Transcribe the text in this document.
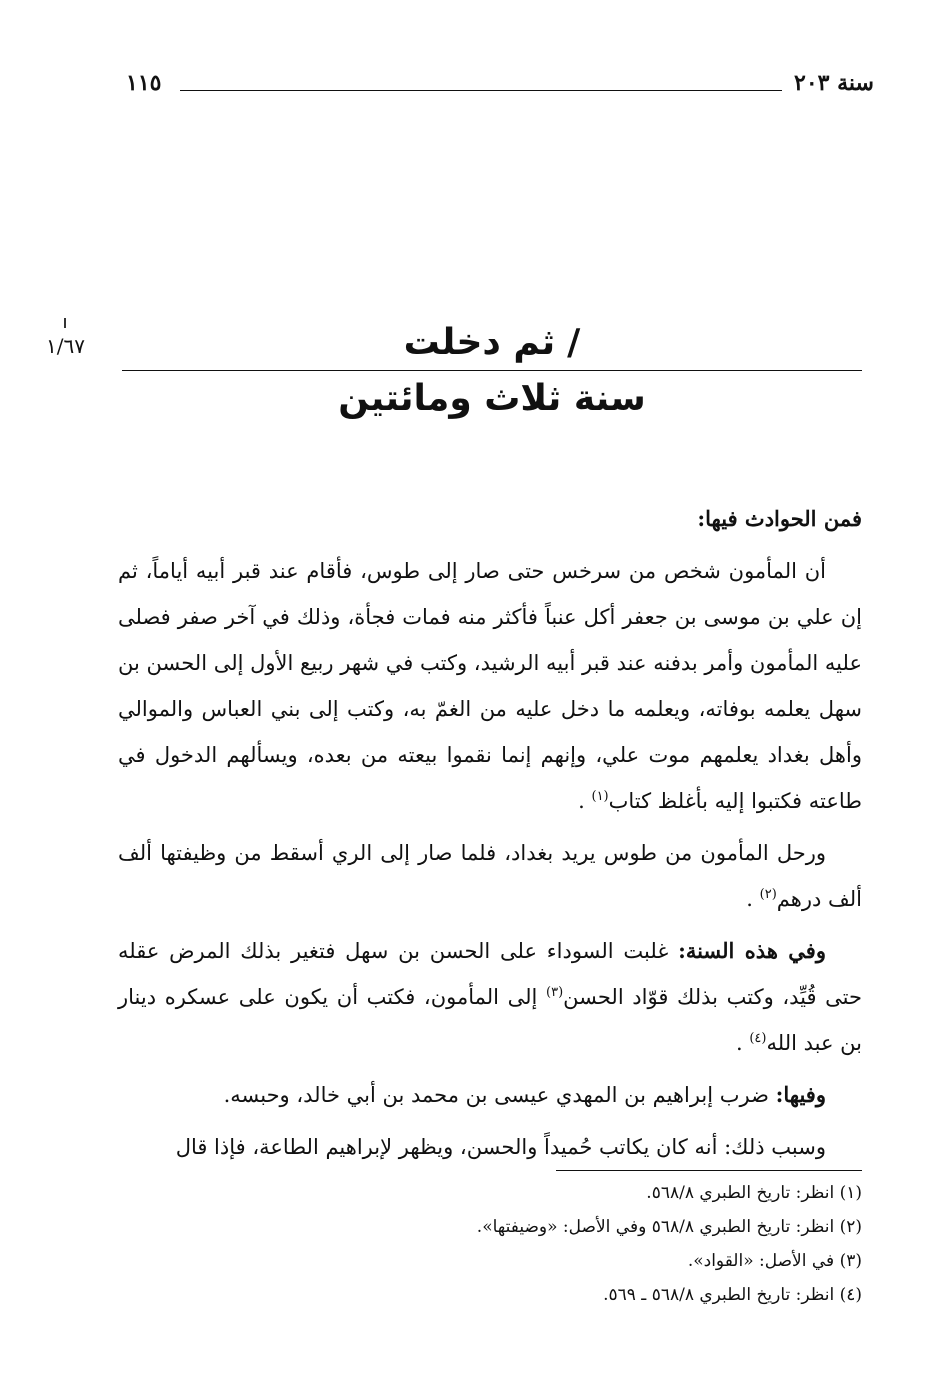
سنة ٢٠٣
١١٥
١/٦٧	/ثم دخلت
سنة ثلاث ومائتين

فمن الحوادث فيها:

أن المأمون شخص من سرخس حتى صار إلى طوس، فأقام عند قبر أبيه أياماً، ثم إن علي بن موسى بن جعفر أكل عنباً فأكثر منه فمات فجأة، وذلك في آخر صفر فصلى عليه المأمون وأمر بدفنه عند قبر أبيه الرشيد، وكتب في شهر ربيع الأول إلى الحسن بن سهل يعلمه بوفاته، ويعلمه ما دخل عليه من الغمّ به، وكتب إلى بني العباس والموالي وأهل بغداد يعلمهم موت علي، وإنهم إنما نقموا بيعته من بعده، ويسألهم الدخول في طاعته فكتبوا إليه بأغلظ كتاب$^{(١)}$ .

ورحل المأمون من طوس يريد بغداد، فلما صار إلى الري أسقط من وظيفتها ألف ألف درهم$^{(٢)}$ .

وفي هذه السنة: غلبت السوداء على الحسن بن سهل فتغير بذلك المرض عقله حتى قُيِّد، وكتب بذلك قوّاد الحسن$^{(٣)}$ إلى المأمون، فكتب أن يكون على عسكره دينار بن عبد الله$^{(٤)}$ .

وفيها: ضرب إبراهيم بن المهدي عيسى بن محمد بن أبي خالد، وحبسه.

وسبب ذلك: أنه كان يكاتب حُميداً والحسن، ويظهر لإبراهيم الطاعة، فإذا قال

(١) انظر: تاريخ الطبري ٥٦٨/٨.
(٢) انظر: تاريخ الطبري ٥٦٨/٨ وفي الأصل: «وضيفتها».
(٣) في الأصل: «القواد».
(٤) انظر: تاريخ الطبري ٥٦٨/٨ ـ ٥٦٩.
